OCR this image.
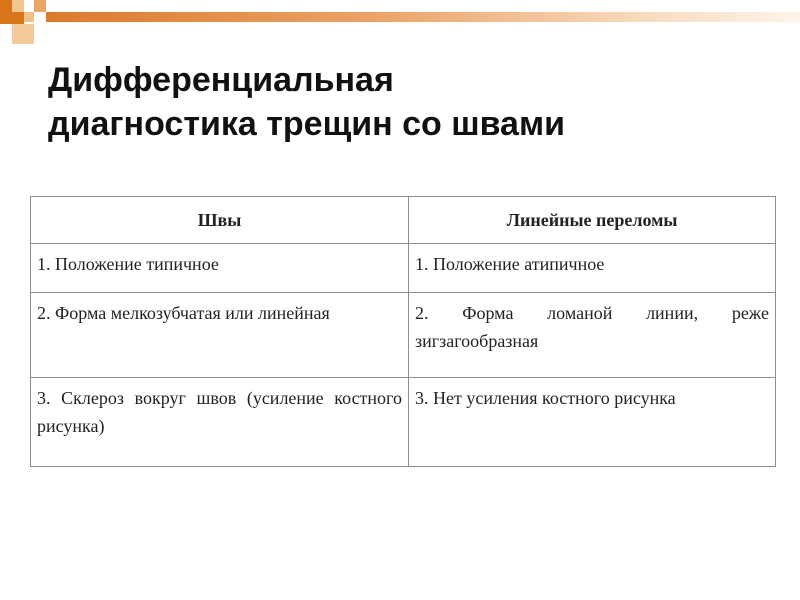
Дифференциальная
диагностика трещин со швами
Швы	Линейные переломы
1. Положение типичное	1. Положение атипичное
2. Форма мелкозубчатая или линейная	2. Форма ломаной линии, реже зигзагообразная
3. Склероз вокруг швов (усиление костного рисунка)	3. Нет усиления костного рисунка
